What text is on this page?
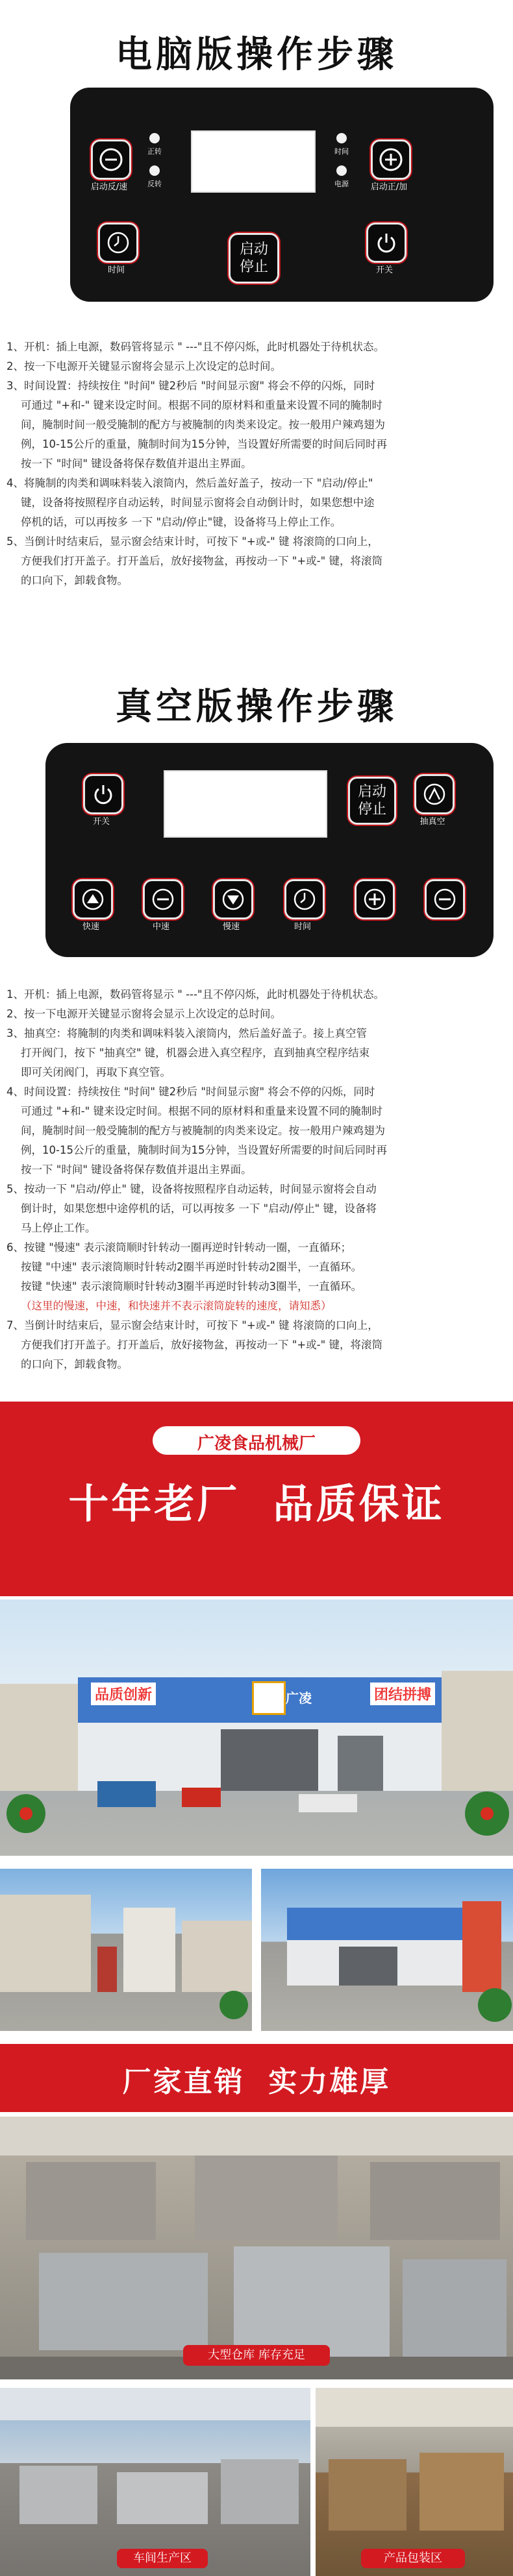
电脑版操作步骤
启动反/速
正转
反转
时间
电源	启动正/加
时间
启动
停止	开关

1、开机：插上电源，数码管将显示 " ---"且不停闪烁，此时机器处于待机状态。

2、按一下电源开关键显示窗将会显示上次设定的总时间。

3、时间设置：持续按住 "时间" 键2秒后 "时间显示窗" 将会不停的闪烁，同时

可通过 "+和-" 键来设定时间。根据不同的原材料和重量来设置不同的腌制时

间，腌制时间一般受腌制的配方与被腌制的肉类来设定。按一般用户辣鸡翅为

例，10-15公斤的重量，腌制时间为15分钟，当设置好所需要的时间后同时再

按一下 "时间" 键设备将保存数值并退出主界面。

4、将腌制的肉类和调味料装入滚筒内，然后盖好盖子，按动一下 "启动/停止"

键，设备将按照程序自动运转，时间显示窗将会自动倒计时，如果您想中途

停机的话，可以再按多 一下 "启动/停止"键，设备将马上停止工作。

5、当倒计时结束后，显示窗会结束计时，可按下 "+或-" 键 将滚筒的口向上，

方便我们打开盖子。打开盖后，放好接物盆，再按动一下 "+或-" 键，将滚筒

的口向下，卸载食物。

真空版操作步骤
开关
启动
停止
抽真空
快速	中速	慢速	时间

1、开机：插上电源，数码管将显示 " ---"且不停闪烁，此时机器处于待机状态。

2、按一下电源开关键显示窗将会显示上次设定的总时间。

3、抽真空：将腌制的肉类和调味料装入滚筒内，然后盖好盖子。接上真空管

打开阀门，按下 "抽真空" 键，机器会进入真空程序，直到抽真空程序结束

即可关闭阀门，再取下真空管。

4、时间设置：持续按住 "时间" 键2秒后 "时间显示窗" 将会不停的闪烁，同时

可通过 "+和-" 键来设定时间。根据不同的原材料和重量来设置不同的腌制时

间，腌制时间一般受腌制的配方与被腌制的肉类来设定。按一般用户辣鸡翅为

例，10-15公斤的重量，腌制时间为15分钟，当设置好所需要的时间后同时再

按一下 "时间" 键设备将保存数值并退出主界面。

5、按动一下 "启动/停止" 键，设备将按照程序自动运转，时间显示窗将会自动

倒计时，如果您想中途停机的话，可以再按多 一下 "启动/停止" 键，设备将

马上停止工作。

6、按键 "慢速" 表示滚筒顺时针转动一圈再逆时针转动一圈，一直循环；

按键 "中速" 表示滚筒顺时针转动2圈半再逆时针转动2圈半，一直循环。

按键 "快速" 表示滚筒顺时针转动3圈半再逆时针转动3圈半，一直循环。

（这里的慢速，中速，和快速并不表示滚筒旋转的速度，请知悉）

7、当倒计时结束后，显示窗会结束计时，可按下 "+或-" 键 将滚筒的口向上，

方便我们打开盖子。打开盖后，放好接物盆，再按动一下 "+或-" 键，将滚筒

的口向下，卸载食物。

广凌食品机械厂
十年老厂  品质保证
品质创新	广凌	团结拼搏
厂家直销  实力雄厚
大型仓库 库存充足
车间生产区	产品包装区
